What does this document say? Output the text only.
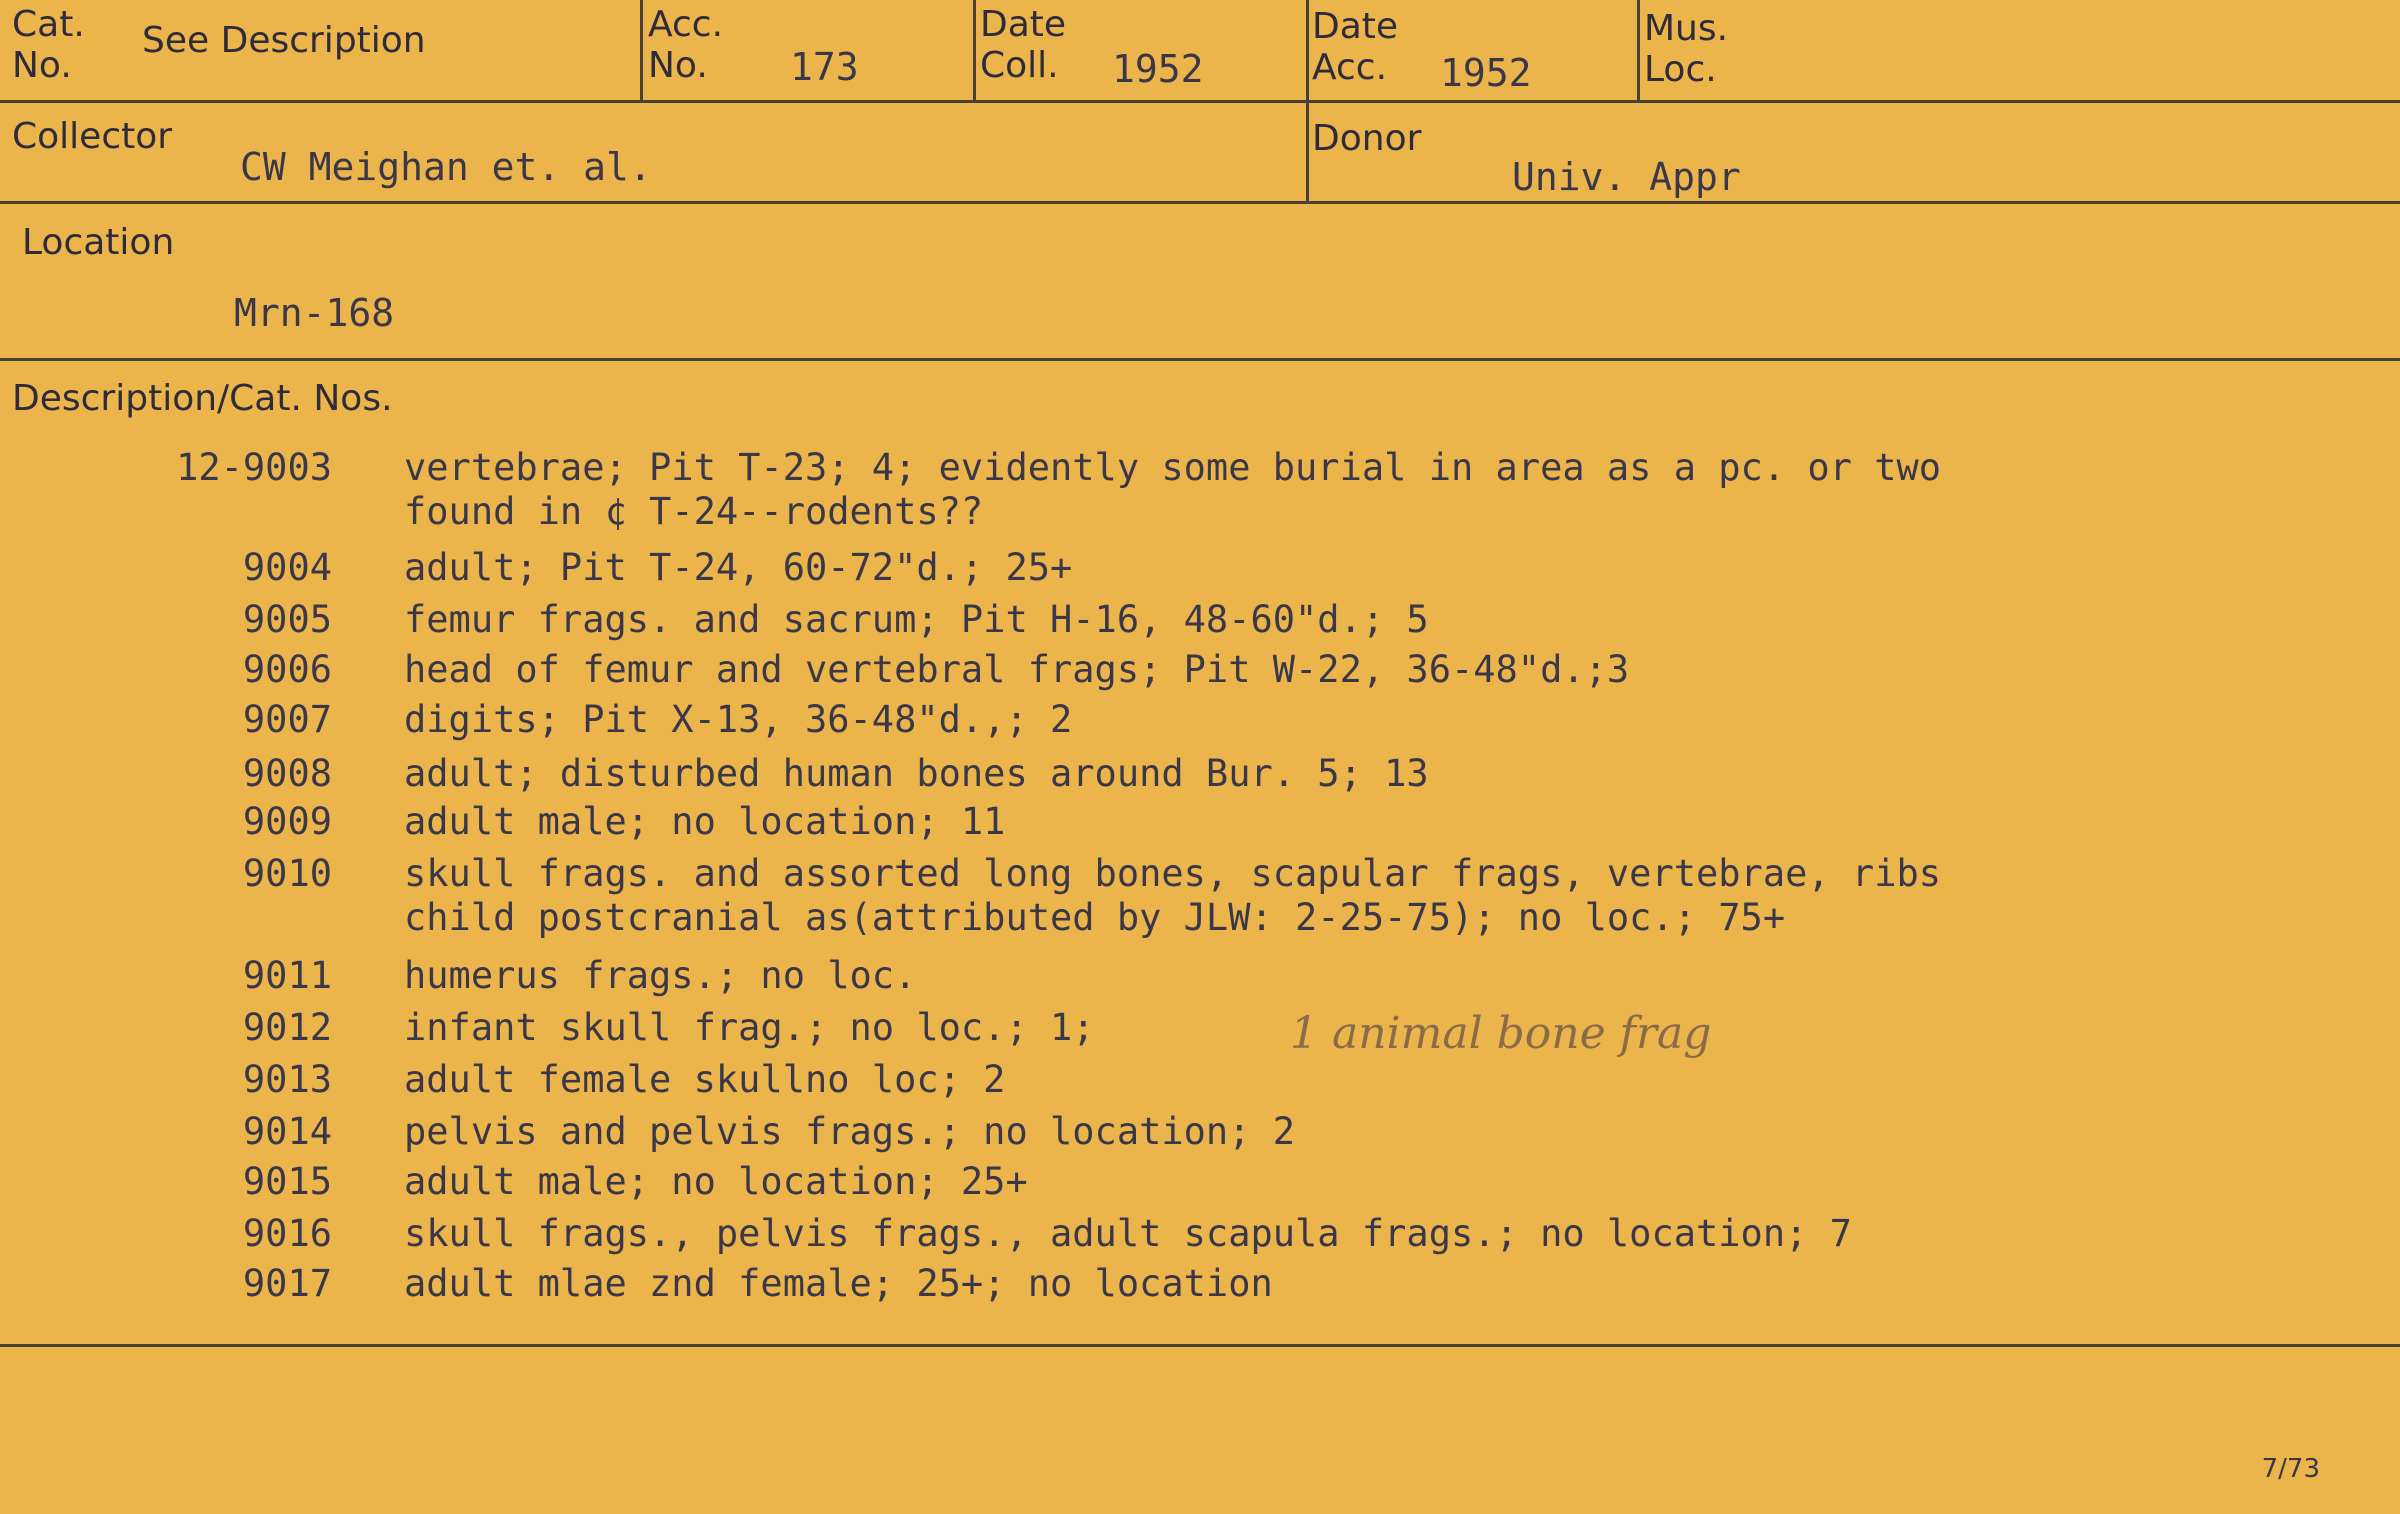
Cat.
No.
See Description	Acc.
No.	173
Date
Coll. 1952
Date
Acc. 1952
Mus.
Loc.
Collector
CW Meighan et. al.
Donor
Univ. Appr
Location
Mrn-168
Description/Cat. Nos.

12-9003

vertebrae; Pit T-23; 4; evidently some burial in area as a pc. or two

found in ¢ T-24--rodents??

9004

adult; Pit T-24, 60-72"d.; 25+

9005

femur frags. and sacrum; Pit H-16, 48-60"d.; 5

9006

head of femur and vertebral frags; Pit W-22, 36-48"d.;3

9007

digits; Pit X-13, 36-48"d.,; 2

9008

adult; disturbed human bones around Bur. 5; 13

9009

adult male; no location; 11

9010

skull frags. and assorted long bones, scapular frags, vertebrae, ribs

child postcranial as(attributed by JLW: 2-25-75); no loc.; 75+

9011

humerus frags.; no loc.

9012

infant skull frag.; no loc.; 1;

9013

adult female skullno loc; 2

9014

pelvis and pelvis frags.; no location; 2

9015

adult male; no location; 25+

9016

skull frags., pelvis frags., adult scapula frags.; no location; 7

9017

adult mlae znd female; 25+; no location

1 animal bone frag
7/73
